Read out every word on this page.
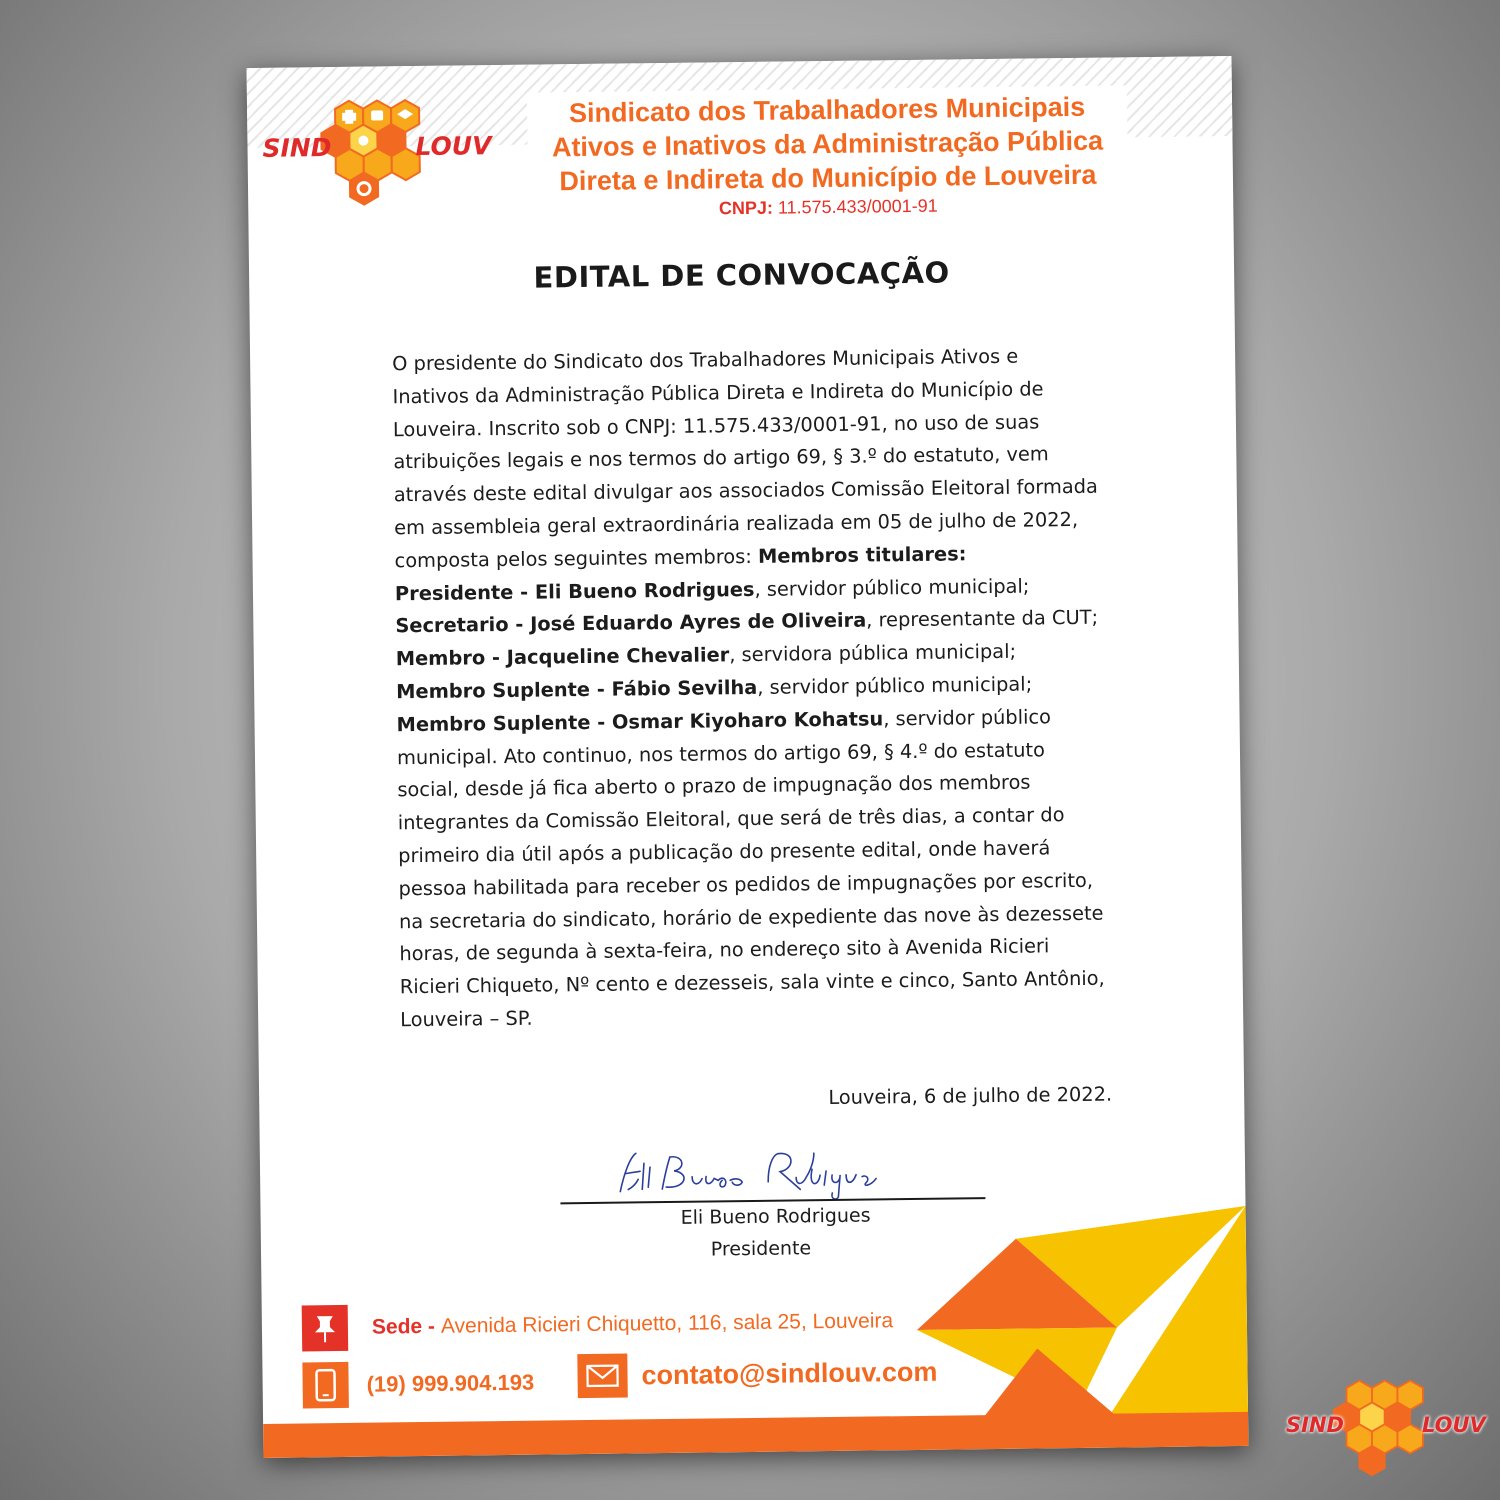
SIND	LOUV
Sindicato dos Trabalhadores Municipais
Ativos e Inativos da Administração Pública
Direta e Indireta do Município de Louveira
CNPJ: 11.575.433/0001-91
EDITAL DE CONVOCAÇÃO
O presidente do Sindicato dos Trabalhadores Municipais Ativos e Inativos da Administração Pública Direta e Indireta do Município de Louveira. Inscrito sob o CNPJ: 11.575.433/0001-91, no uso de suas atribuições legais e nos termos do artigo 69, § 3.º do estatuto, vem através deste edital divulgar aos associados Comissão Eleitoral formada em assembleia geral extraordinária realizada em 05 de julho de 2022, composta pelos seguintes membros: Membros titulares:
Presidente - Eli Bueno Rodrigues, servidor público municipal;
Secretario - José Eduardo Ayres de Oliveira, representante da CUT;
Membro - Jacqueline Chevalier, servidora pública municipal;
Membro Suplente - Fábio Sevilha, servidor público municipal;
Membro Suplente - Osmar Kiyoharo Kohatsu, servidor público municipal. Ato continuo, nos termos do artigo 69, § 4.º do estatuto social, desde já fica aberto o prazo de impugnação dos membros integrantes da Comissão Eleitoral, que será de três dias, a contar do primeiro dia útil após a publicação do presente edital, onde haverá pessoa habilitada para receber os pedidos de impugnações por escrito, na secretaria do sindicato, horário de expediente das nove às dezessete horas, de segunda à sexta-feira, no endereço sito à Avenida Ricieri Ricieri Chiqueto, Nº cento e dezesseis, sala vinte e cinco, Santo Antônio, Louveira – SP.
Louveira, 6 de julho de 2022.
Eli Bueno Rodrigues
Presidente
Sede - Avenida Ricieri Chiquetto, 116, sala 25, Louveira
(19) 999.904.193	contato@sindlouv.com
SIND	LOUV
